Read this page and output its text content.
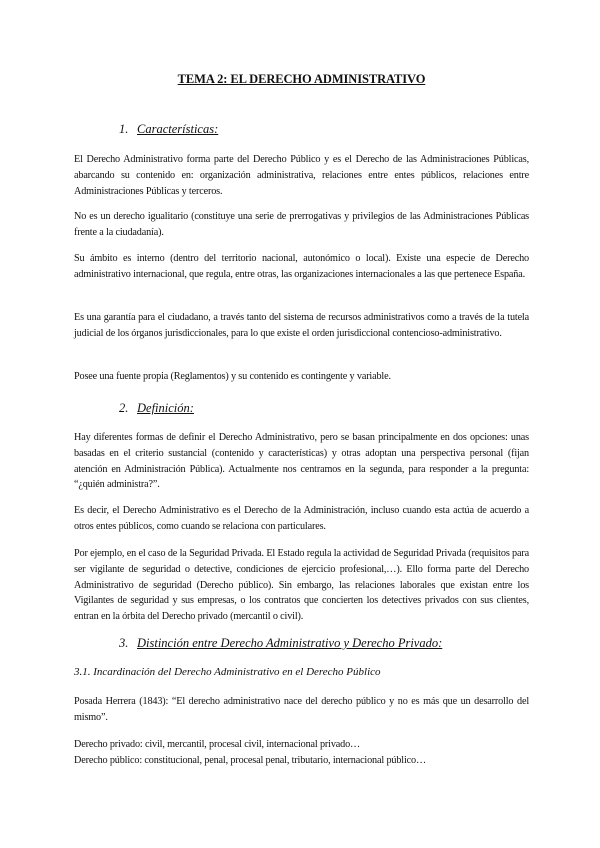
TEMA 2: EL DERECHO ADMINISTRATIVO
1. Características:
El Derecho Administrativo forma parte del Derecho Público y es el Derecho de las Administraciones Públicas, abarcando su contenido en: organización administrativa, relaciones entre entes públicos, relaciones entre Administraciones Públicas y terceros.
No es un derecho igualitario (constituye una serie de prerrogativas y privilegios de las Administraciones Públicas frente a la ciudadanía).
Su ámbito es interno (dentro del territorio nacional, autonómico o local). Existe una especie de Derecho administrativo internacional, que regula, entre otras, las organizaciones internacionales a las que pertenece España.
Es una garantía para el ciudadano, a través tanto del sistema de recursos administrativos como a través de la tutela judicial de los órganos jurisdiccionales, para lo que existe el orden jurisdiccional contencioso-administrativo.
Posee una fuente propia (Reglamentos) y su contenido es contingente y variable.
2. Definición:
Hay diferentes formas de definir el Derecho Administrativo, pero se basan principalmente en dos opciones: unas basadas en el criterio sustancial (contenido y características) y otras adoptan una perspectiva personal (fijan atención en Administración Pública). Actualmente nos centramos en la segunda, para responder a la pregunta: “¿quién administra?”.
Es decir, el Derecho Administrativo es el Derecho de la Administración, incluso cuando esta actúa de acuerdo a otros entes públicos, como cuando se relaciona con particulares.
Por ejemplo, en el caso de la Seguridad Privada. El Estado regula la actividad de Seguridad Privada (requisitos para ser vigilante de seguridad o detective, condiciones de ejercicio profesional,…). Ello forma parte del Derecho Administrativo de seguridad (Derecho público). Sin embargo, las relaciones laborales que existan entre los Vigilantes de seguridad y sus empresas, o los contratos que concierten los detectives privados con sus clientes, entran en la órbita del Derecho privado (mercantil o civil).
3. Distinción entre Derecho Administrativo y Derecho Privado:
3.1. Incardinación del Derecho Administrativo en el Derecho Público
Posada Herrera (1843): “El derecho administrativo nace del derecho público y no es más que un desarrollo del mismo”.
Derecho privado: civil, mercantil, procesal civil, internacional privado…
Derecho público: constitucional, penal, procesal penal, tributario, internacional público…
